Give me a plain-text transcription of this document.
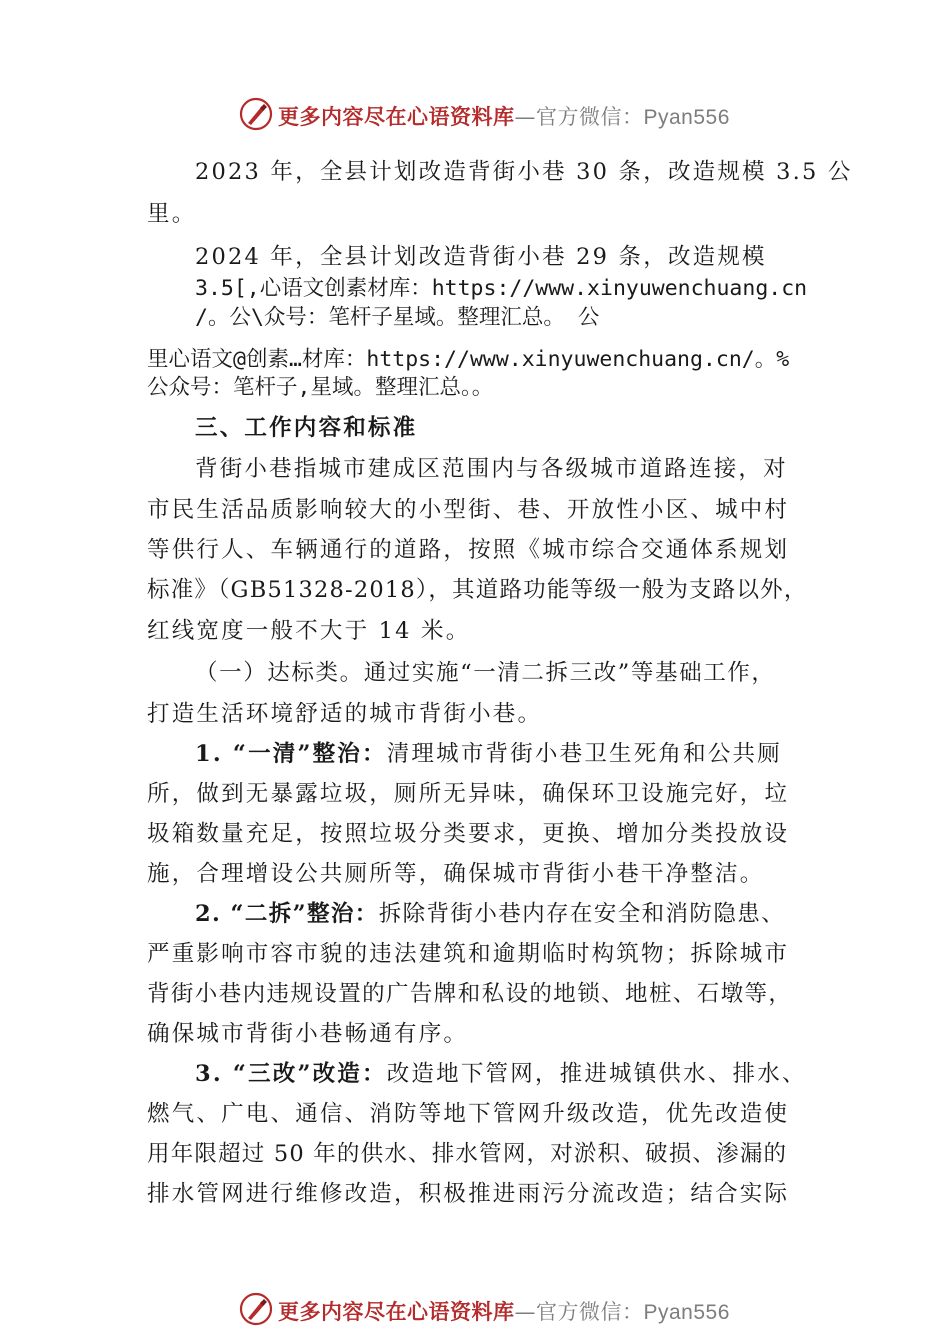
更多内容尽在心语资料库—官方微信：Pyan556

2023 年，全县计划改造背街小巷 30 条，改造规模 3.5 公

里。

2024 年，全县计划改造背街小巷 29 条，改造规模

3.5[,心语文创素材库：https://www.xinyuwenchuang.cn

/。公\众号：笔杆子星域。整理汇总。 公

里心语文@创素…材库：https://www.xinyuwenchuang.cn/。%

公众号：笔杆子,星域。整理汇总。。

三、工作内容和标准

背街小巷指城市建成区范围内与各级城市道路连接，对

市民生活品质影响较大的小型街、巷、开放性小区、城中村

等供行人、车辆通行的道路，按照《城市综合交通体系规划

标准》（GB51328-2018），其道路功能等级一般为支路以外，

红线宽度一般不大于 14 米。

（一）达标类。通过实施“一清二拆三改”等基础工作，

打造生活环境舒适的城市背街小巷。

1. “一清”整治：清理城市背街小巷卫生死角和公共厕

所，做到无暴露垃圾，厕所无异味，确保环卫设施完好，垃

圾箱数量充足，按照垃圾分类要求，更换、增加分类投放设

施，合理增设公共厕所等，确保城市背街小巷干净整洁。

2. “二拆”整治：拆除背街小巷内存在安全和消防隐患、

严重影响市容市貌的违法建筑和逾期临时构筑物；拆除城市

背街小巷内违规设置的广告牌和私设的地锁、地桩、石墩等，

确保城市背街小巷畅通有序。

3. “三改”改造：改造地下管网，推进城镇供水、排水、

燃气、广电、通信、消防等地下管网升级改造，优先改造使

用年限超过 50 年的供水、排水管网，对淤积、破损、渗漏的

排水管网进行维修改造，积极推进雨污分流改造；结合实际

更多内容尽在心语资料库—官方微信：Pyan556
